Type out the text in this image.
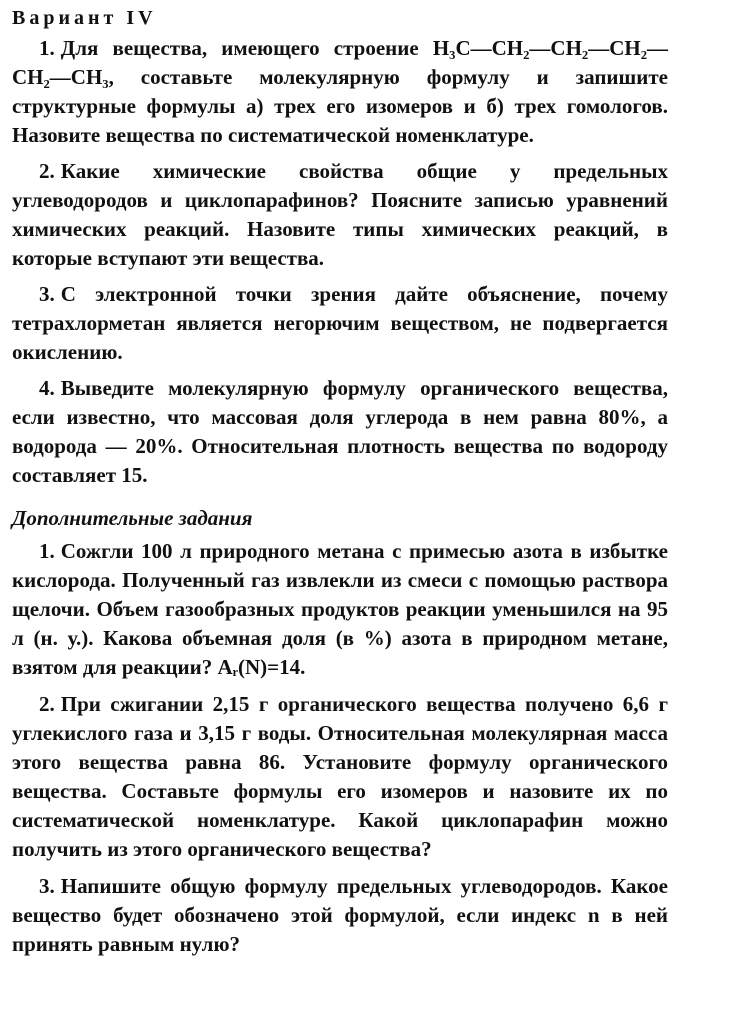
Вариант IV

1. Для вещества, имеющего строение H₃C—CH₂—CH₂—CH₂—CH₂—CH₃, составьте молекулярную формулу и запишите структурные формулы а) трех его изомеров и б) трех гомологов. Назовите вещества по систематической номенклатуре.

2. Какие химические свойства общие у предельных углеводородов и циклопарафинов? Поясните записью уравнений химических реакций. Назовите типы химических реакций, в которые вступают эти вещества.

3. С электронной точки зрения дайте объяснение, почему тетрахлорметан является негорючим веществом, не подвергается окислению.

4. Выведите молекулярную формулу органического вещества, если известно, что массовая доля углерода в нем равна 80%, а водорода — 20%. Относительная плотность вещества по водороду составляет 15.

Дополнительные задания

1. Сожгли 100 л природного метана с примесью азота в избытке кислорода. Полученный газ извлекли из смеси с помощью раствора щелочи. Объем газообразных продуктов реакции уменьшился на 95 л (н. у.). Какова объемная доля (в %) азота в природном метане, взятом для реакции? Aᵣ(N)=14.

2. При сжигании 2,15 г органического вещества получено 6,6 г углекислого газа и 3,15 г воды. Относительная молекулярная масса этого вещества равна 86. Установите формулу органического вещества. Составьте формулы его изомеров и назовите их по систематической номенклатуре. Какой циклопарафин можно получить из этого органического вещества?

3. Напишите общую формулу предельных углеводородов. Какое вещество будет обозначено этой формулой, если индекс n в ней принять равным нулю?
